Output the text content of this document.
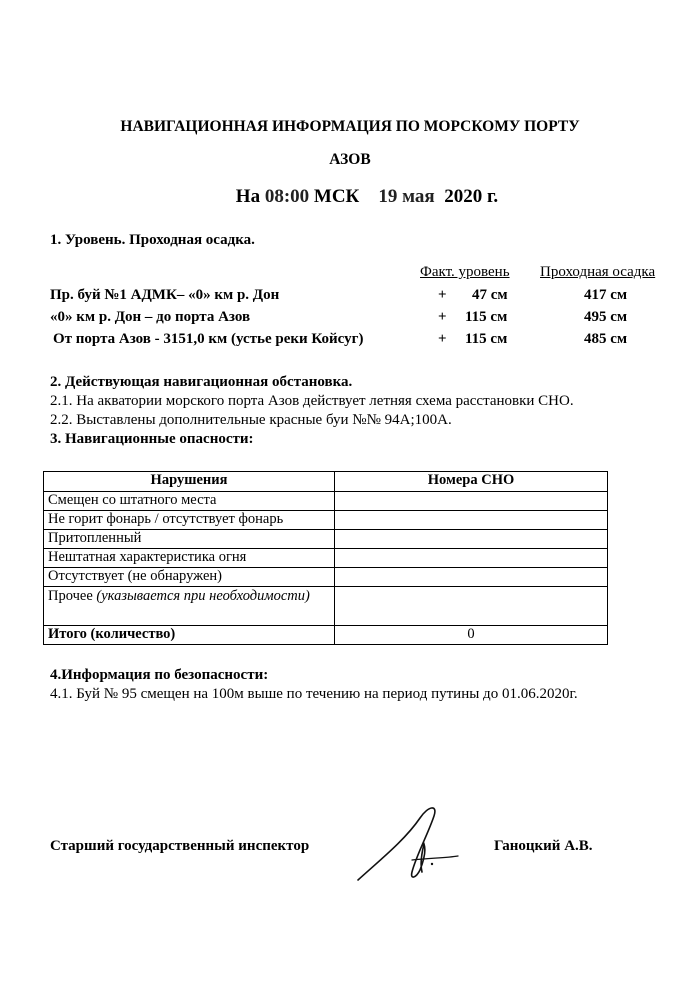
НАВИГАЦИОННАЯ ИНФОРМАЦИЯ ПО МОРСКОМУ ПОРТУ
АЗОВ
На 08:00 МСК 19 мая 2020 г.
1. Уровень. Проходная осадка.
Факт. уровень Проходная осадка
Пр. буй №1 АДМК– «0» км р. Дон	+ 47 см	417 см
«0» км р. Дон – до порта Азов	+ 115 см	495 см
От порта Азов - 3151,0 км (устье реки Койсуг)	+ 115 см	485 см
2. Действующая навигационная обстановка.
2.1. На акватории морского порта Азов действует летняя схема расстановки СНО.
2.2. Выставлены дополнительные красные буи №№ 94А;100А.
3. Навигационные опасности:
Нарушения	Номера СНО
Смещен со штатного места	
Не горит фонарь / отсутствует фонарь	
Притопленный	
Нештатная характеристика огня	
Отсутствует (не обнаружен)	
Прочее (указывается при необходимости)	
Итого (количество)	0
4.Информация по безопасности:
4.1. Буй № 95 смещен на 100м выше по течению на период путины до 01.06.2020г.
Старший государственный инспектор	Ганоцкий А.В.
